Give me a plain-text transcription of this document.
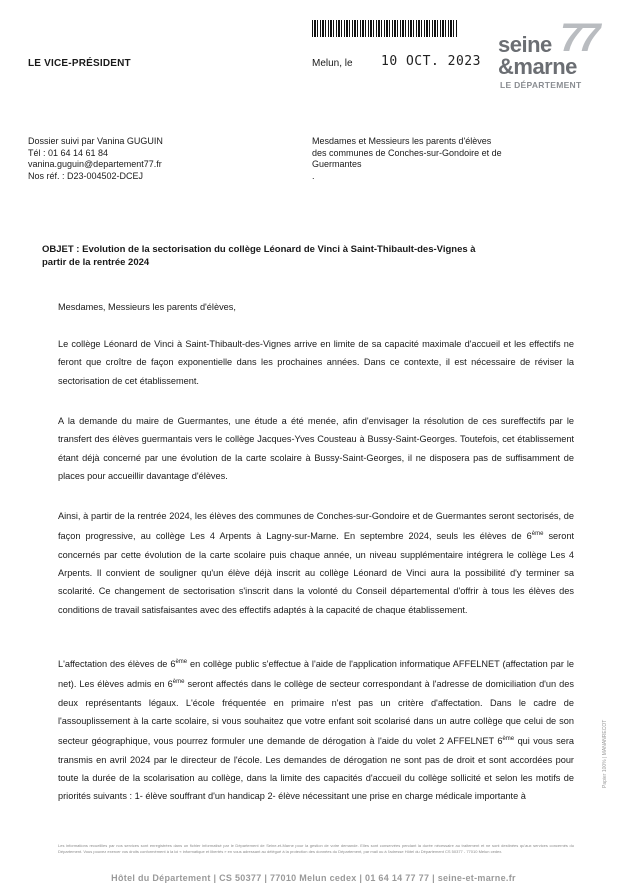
LE VICE-PRÉSIDENT	Melun, le 10 OCT. 2023
77
seine
&marne
LE DÉPARTEMENT
Dossier suivi par Vanina GUGUIN
Tél : 01 64 14 61 84
vanina.guguin@departement77.fr
Nos réf. : D23-004502-DCEJ
Mesdames et Messieurs les parents d'élèves
des communes de Conches-sur-Gondoire et de
Guermantes
.
OBJET : Evolution de la sectorisation du collège Léonard de Vinci à Saint-Thibault-des-Vignes à
partir de la rentrée 2024
Mesdames, Messieurs les parents d'élèves,
Le collège Léonard de Vinci à Saint-Thibault-des-Vignes arrive en limite de sa capacité maximale d'accueil et les effectifs ne feront que croître de façon exponentielle dans les prochaines années. Dans ce contexte, il est nécessaire de réviser la sectorisation de cet établissement.
A la demande du maire de Guermantes, une étude a été menée, afin d'envisager la résolution de ces sureffectifs par le transfert des élèves guermantais vers le collège Jacques-Yves Cousteau à Bussy-Saint-Georges. Toutefois, cet établissement étant déjà concerné par une évolution de la carte scolaire à Bussy-Saint-Georges, il ne disposera pas de suffisamment de places pour accueillir davantage d'élèves.
Ainsi, à partir de la rentrée 2024, les élèves des communes de Conches-sur-Gondoire et de Guermantes seront sectorisés, de façon progressive, au collège Les 4 Arpents à Lagny-sur-Marne. En septembre 2024, seuls les élèves de 6ème seront concernés par cette évolution de la carte scolaire puis chaque année, un niveau supplémentaire intégrera le collège Les 4 Arpents. Il convient de souligner qu'un élève déjà inscrit au collège Léonard de Vinci aura la possibilité d'y terminer sa scolarité. Ce changement de sectorisation s'inscrit dans la volonté du Conseil départemental d'offrir à tous les élèves des conditions de travail satisfaisantes avec des effectifs adaptés à la capacité de chaque établissement.
L'affectation des élèves de 6ème en collège public s'effectue à l'aide de l'application informatique AFFELNET (affectation par le net). Les élèves admis en 6ème seront affectés dans le collège de secteur correspondant à l'adresse de domiciliation d'un des deux représentants légaux. L'école fréquentée en primaire n'est pas un critère d'affectation. Dans le cadre de l'assouplissement à la carte scolaire, si vous souhaitez que votre enfant soit scolarisé dans un autre collège que celui de son secteur géographique, vous pourrez formuler une demande de dérogation à l'aide du volet 2 AFFELNET 6ème qui vous sera transmis en avril 2024 par le directeur de l'école. Les demandes de dérogation ne sont pas de droit et sont accordées pour toute la durée de la scolarisation au collège, dans la limite des capacités d'accueil du collège sollicité et selon les motifs de priorités suivants : 1- élève souffrant d'un handicap 2- élève nécessitant une prise en charge médicale importante à
Les informations recueillies par nos services sont enregistrées dans un fichier informatisé par le Département de Seine-et-Marne pour la gestion de votre demande. Elles sont conservées pendant la durée nécessaire au traitement et ne sont destinées qu'aux services concernés du Département. Vous pouvez exercer vos droits conformément à la loi « informatique et libertés » en vous adressant au délégué à la protection des données du Département, par mail ou à l'adresse Hôtel du Département CS 50377 - 77010 Melun cedex.
Papier 100% | MANANRECOT
Hôtel du Département | CS 50377 | 77010 Melun cedex | 01 64 14 77 77 | seine-et-marne.fr
